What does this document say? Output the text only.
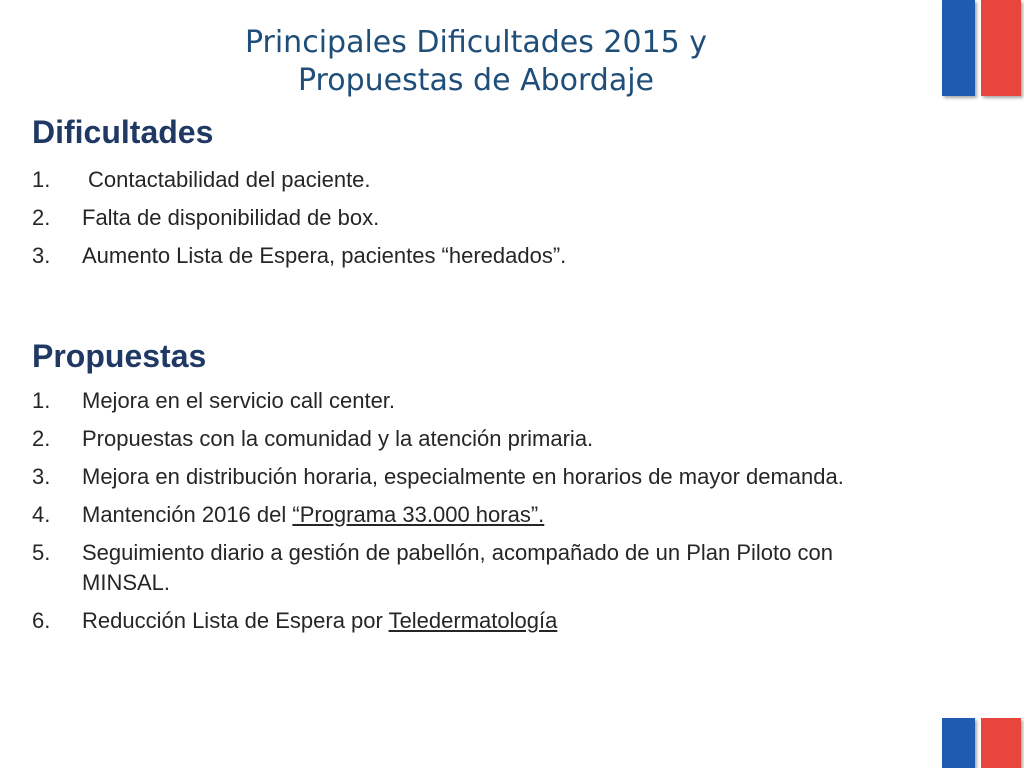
Principales Dificultades 2015 y
Propuestas de Abordaje
Dificultades
1. Contactabilidad del paciente.
2. Falta de disponibilidad de box.
3. Aumento Lista de Espera, pacientes “heredados”.
Propuestas
1. Mejora en el servicio call center.
2. Propuestas con la comunidad y la atención primaria.
3. Mejora en distribución horaria, especialmente en horarios de mayor demanda.
4. Mantención 2016 del “Programa 33.000 horas”.
5. Seguimiento diario a gestión de pabellón, acompañado de un Plan Piloto con MINSAL.
6. Reducción Lista de Espera por Teledermatología
